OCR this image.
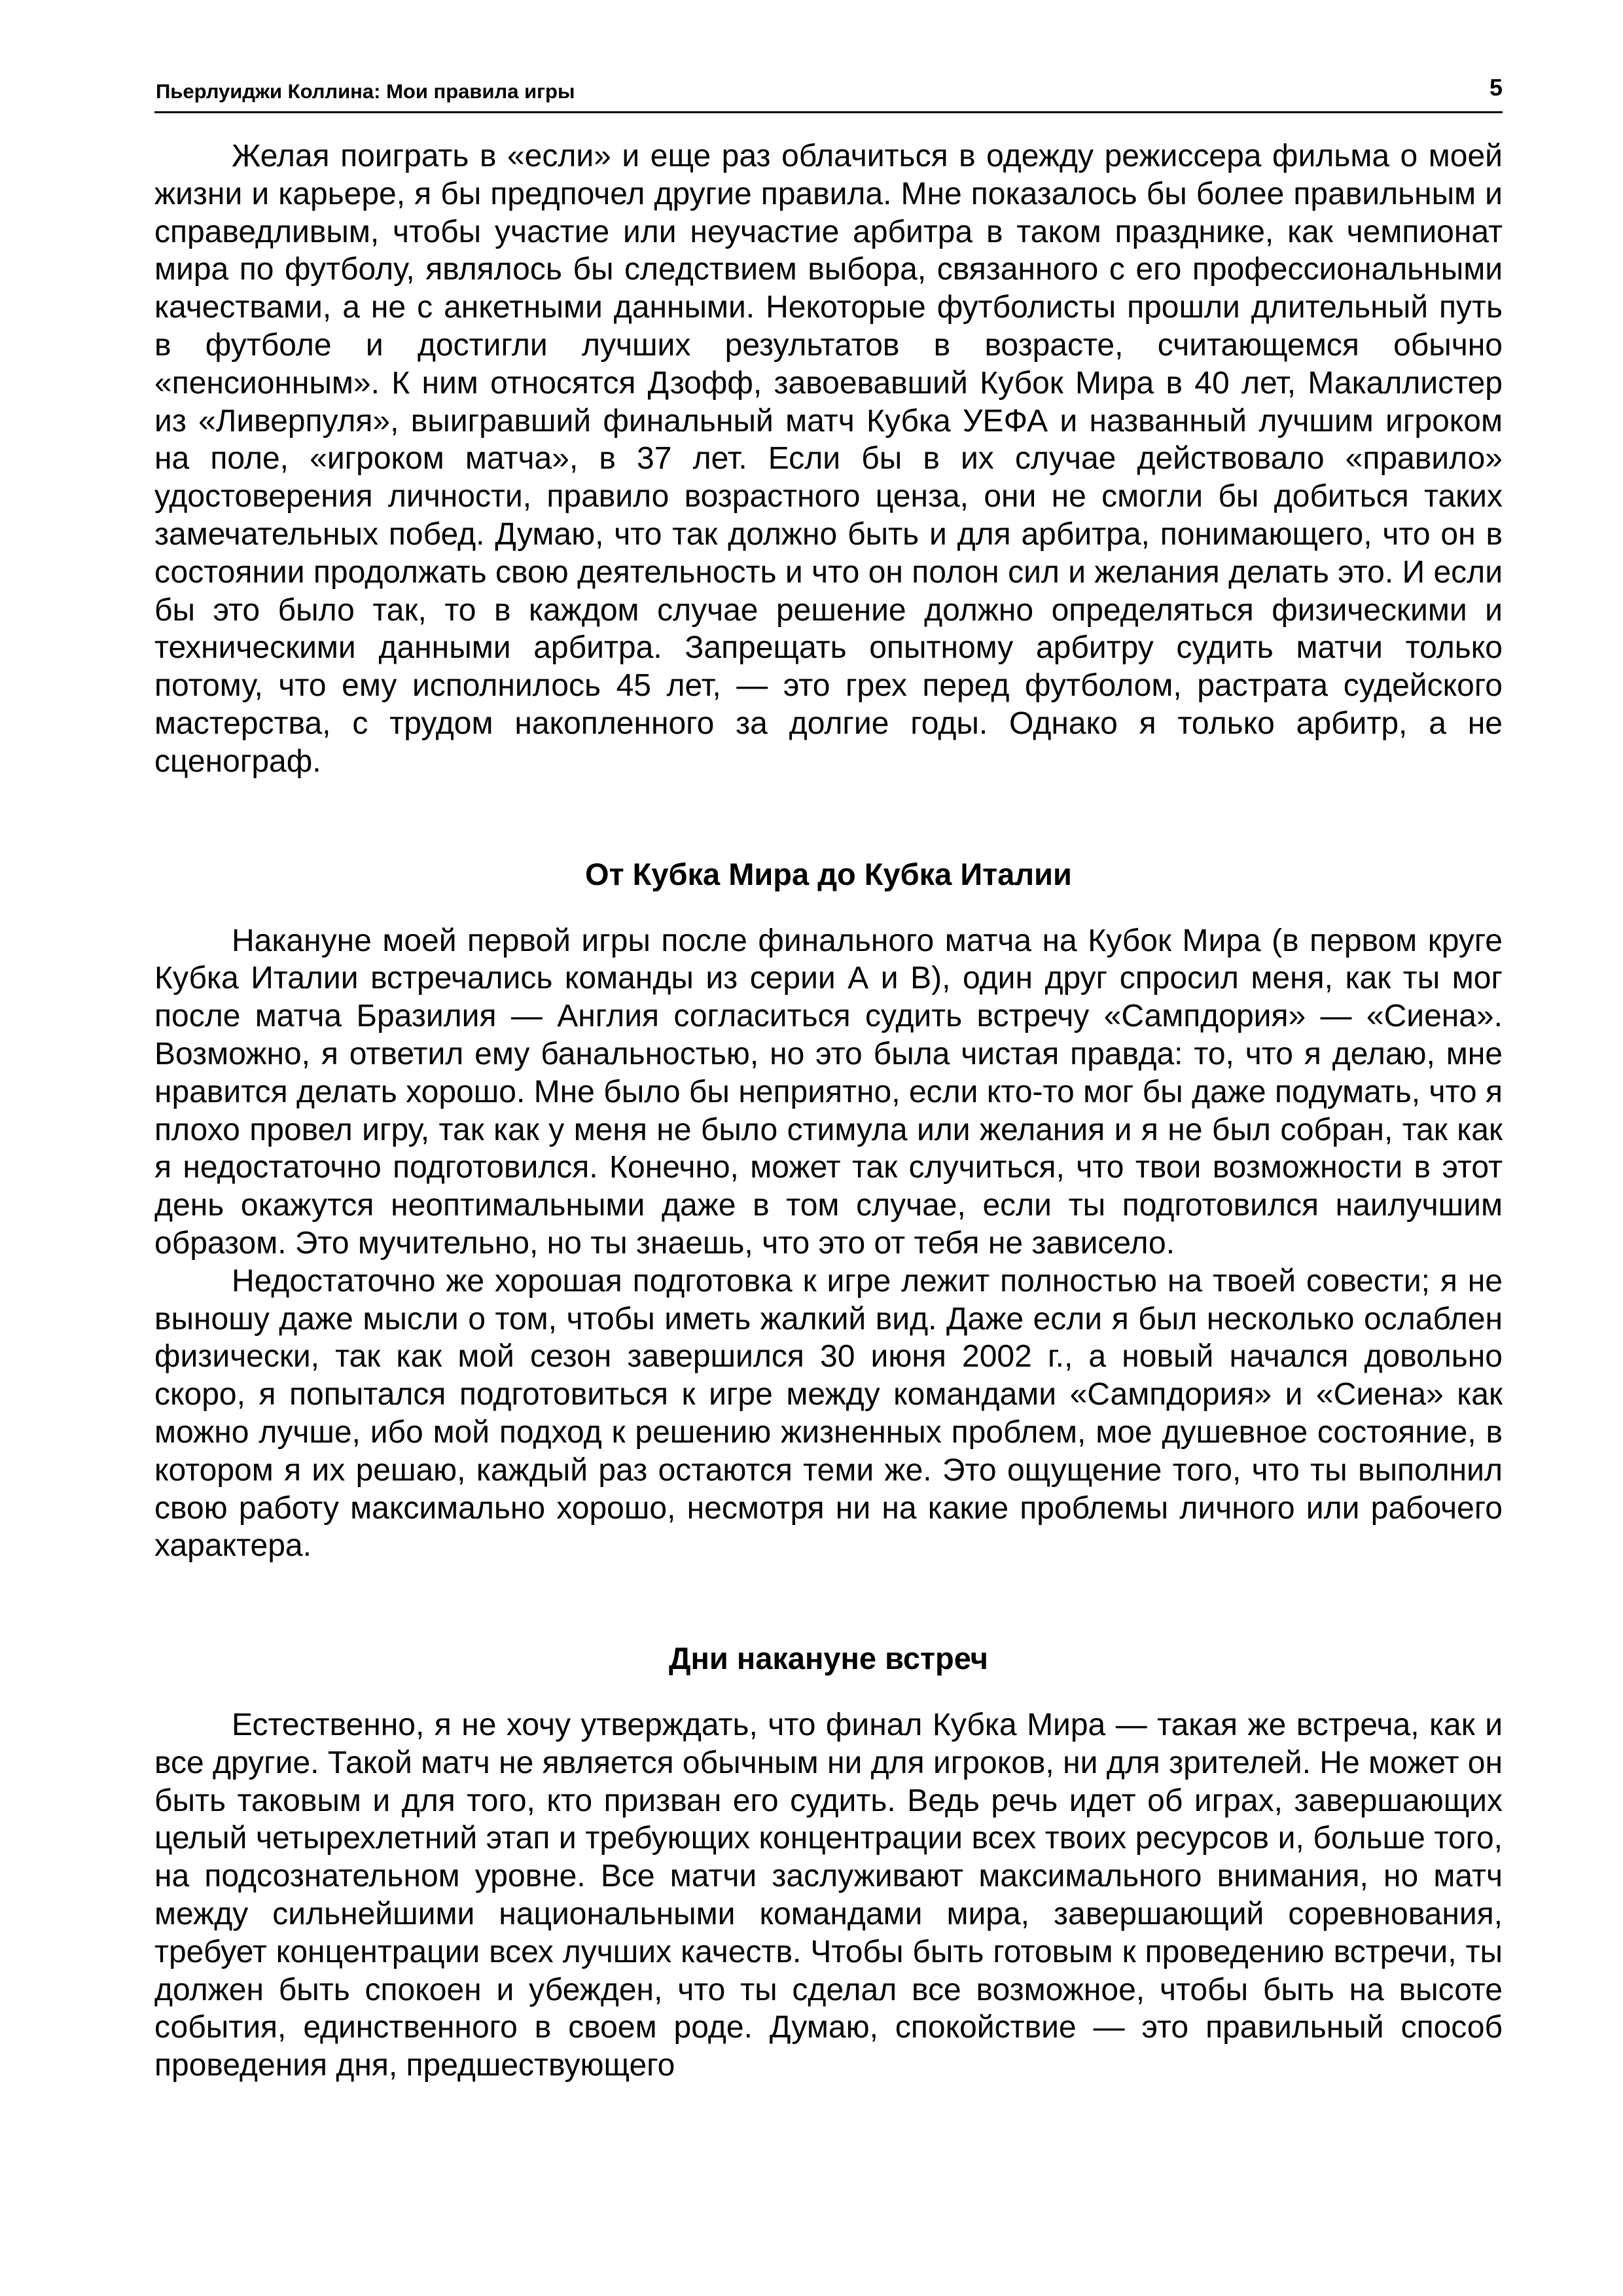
Пьерлуиджи Коллина: Мои правила игры	5

Желая поиграть в «если» и еще раз облачиться в одежду режиссера фильма о моей жизни и карьере, я бы предпочел другие правила. Мне показалось бы более правильным и справедливым, чтобы участие или неучастие арбитра в таком празднике, как чемпионат мира по футболу, являлось бы следствием выбора, связанного с его профессиональными качествами, а не с анкетными данными. Некоторые футболисты прошли длительный путь в футболе и достигли лучших результатов в возрасте, считающемся обычно «пенсионным». К ним относятся Дзофф, завоевавший Кубок Мира в 40 лет, Макаллистер из «Ливерпуля», выигравший финальный матч Кубка УЕФА и названный лучшим игроком на поле, «игроком матча», в 37 лет. Если бы в их случае действовало «правило» удостоверения личности, правило возрастного ценза, они не смогли бы добиться таких замечательных побед. Думаю, что так должно быть и для арбитра, понимающего, что он в состоянии продолжать свою деятельность и что он полон сил и желания делать это. И если бы это было так, то в каждом случае решение должно определяться физическими и техническими данными арбитра. Запрещать опытному арбитру судить матчи только потому, что ему исполнилось 45 лет, — это грех перед футболом, растрата судейского мастерства, с трудом накопленного за долгие годы. Однако я только арбитр, а не сценограф.

От Кубка Мира до Кубка Италии

Накануне моей первой игры после финального матча на Кубок Мира (в первом круге Кубка Италии встречались команды из серии А и В), один друг спросил меня, как ты мог после матча Бразилия — Англия согласиться судить встречу «Сампдория» — «Сиена». Возможно, я ответил ему банальностью, но это была чистая правда: то, что я делаю, мне нравится делать хорошо. Мне было бы неприятно, если кто-то мог бы даже подумать, что я плохо провел игру, так как у меня не было стимула или желания и я не был собран, так как я недостаточно подготовился. Конечно, может так случиться, что твои возможности в этот день окажутся неоптимальными даже в том случае, если ты подготовился наилучшим образом. Это мучительно, но ты знаешь, что это от тебя не зависело.

Недостаточно же хорошая подготовка к игре лежит полностью на твоей совести; я не выношу даже мысли о том, чтобы иметь жалкий вид. Даже если я был несколько ослаблен физически, так как мой сезон завершился 30 июня 2002 г., а новый начался довольно скоро, я попытался подготовиться к игре между командами «Сампдория» и «Сиена» как можно лучше, ибо мой подход к решению жизненных проблем, мое душевное состояние, в котором я их решаю, каждый раз остаются теми же. Это ощущение того, что ты выполнил свою работу максимально хорошо, несмотря ни на какие проблемы личного или рабочего характера.

Дни накануне встреч

Естественно, я не хочу утверждать, что финал Кубка Мира — такая же встреча, как и все другие. Такой матч не является обычным ни для игроков, ни для зрителей. Не может он быть таковым и для того, кто призван его судить. Ведь речь идет об играх, завершающих целый четырехлетний этап и требующих концентрации всех твоих ресурсов и, больше того, на подсознательном уровне. Все матчи заслуживают максимального внимания, но матч между сильнейшими национальными командами мира, завершающий соревнования, требует концентрации всех лучших качеств. Чтобы быть готовым к проведению встречи, ты должен быть спокоен и убежден, что ты сделал все возможное, чтобы быть на высоте события, единственного в своем роде. Думаю, спокойствие — это правильный способ проведения дня, предшествующего
